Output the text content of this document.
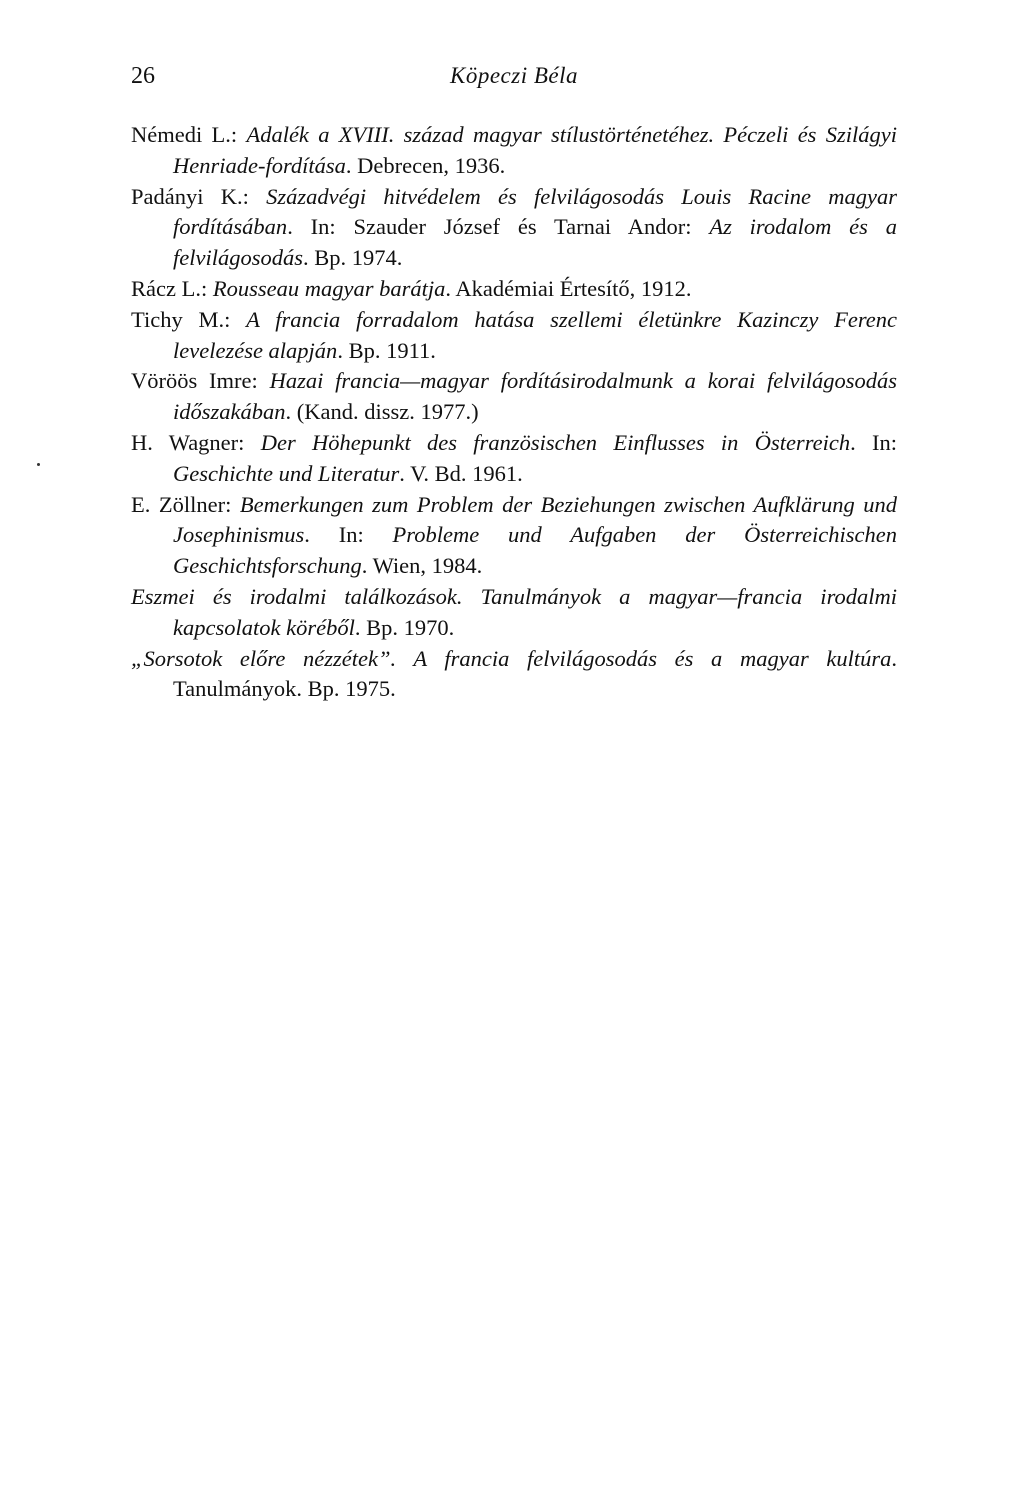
26	Köpeczi Béla

Némedi L.: Adalék a XVIII. század magyar stílustörténetéhez. Péczeli és Szilágyi Henriade-fordítása. Debrecen, 1936.

Padányi K.: Századvégi hitvédelem és felvilágosodás Louis Racine magyar fordításában. In: Szauder József és Tarnai Andor: Az irodalom és a felvilágosodás. Bp. 1974.

Rácz L.: Rousseau magyar barátja. Akadémiai Értesítő, 1912.

Tichy M.: A francia forradalom hatása szellemi életünkre Kazinczy Ferenc levelezése alapján. Bp. 1911.

Vöröös Imre: Hazai francia—magyar fordításirodalmunk a korai felvilágosodás időszakában. (Kand. dissz. 1977.)

H. Wagner: Der Höhepunkt des französischen Einflusses in Österreich. In: Geschichte und Literatur. V. Bd. 1961.

E. Zöllner: Bemerkungen zum Problem der Beziehungen zwischen Aufklärung und Josephinismus. In: Probleme und Aufgaben der Österreichischen Geschichtsforschung. Wien, 1984.

Eszmei és irodalmi találkozások. Tanulmányok a magyar—francia irodalmi kapcsolatok köréből. Bp. 1970.

„Sorsotok előre nézzétek”. A francia felvilágosodás és a magyar kultúra. Tanulmányok. Bp. 1975.
